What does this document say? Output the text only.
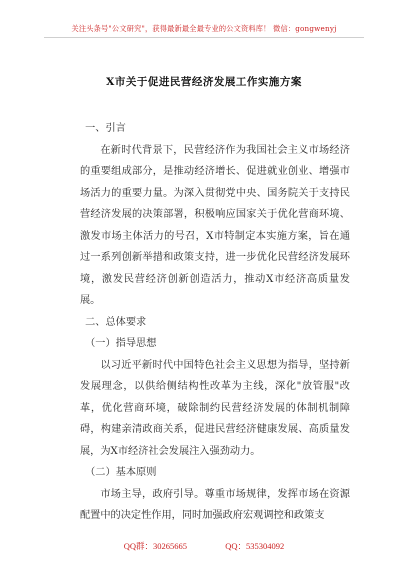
关注头条号"公文研究"，获得最新最全最专业的公文资料库！ 微信：gongwenyj
X市关于促进民营经济发展工作实施方案

一、引言

在新时代背景下，民营经济作为我国社会主义市场经济的重要组成部分，是推动经济增长、促进就业创业、增强市场活力的重要力量。为深入贯彻党中央、国务院关于支持民营经济发展的决策部署，积极响应国家关于优化营商环境、激发市场主体活力的号召，X市特制定本实施方案，旨在通过一系列创新举措和政策支持，进一步优化民营经济发展环境，激发民营经济创新创造活力，推动X市经济高质量发展。

二、总体要求

（一）指导思想

以习近平新时代中国特色社会主义思想为指导，坚持新发展理念，以供给侧结构性改革为主线，深化"放管服"改革，优化营商环境，破除制约民营经济发展的体制机制障碍，构建亲清政商关系，促进民营经济健康发展、高质量发展，为X市经济社会发展注入强劲动力。

（二）基本原则

市场主导，政府引导。尊重市场规律，发挥市场在资源配置中的决定性作用，同时加强政府宏观调控和政策支

QQ群：30265665	QQ：535304092
